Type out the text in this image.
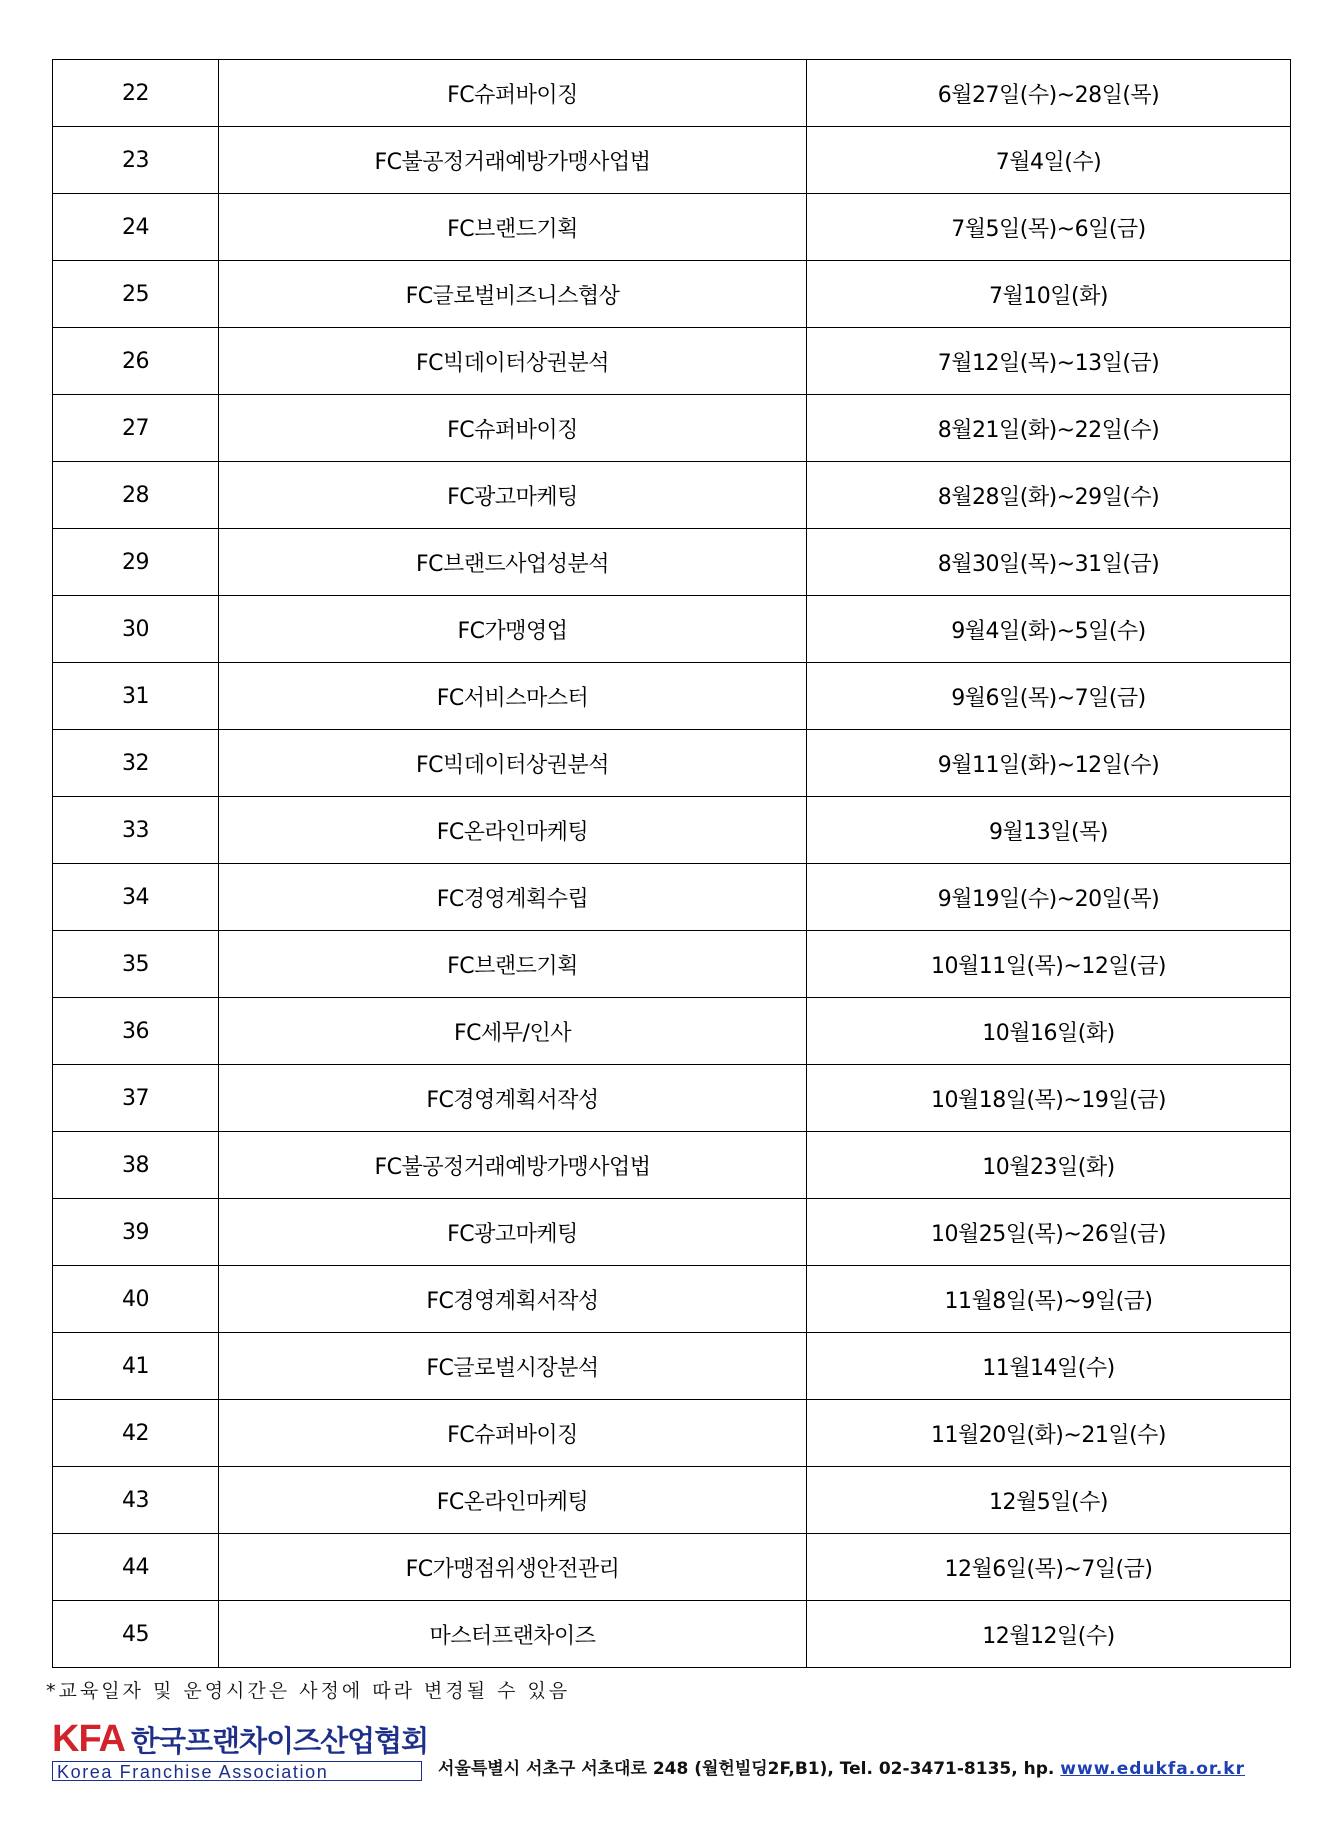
22	FC슈퍼바이징	6월27일(수)~28일(목)
23	FC불공정거래예방가맹사업법	7월4일(수)
24	FC브랜드기획	7월5일(목)~6일(금)
25	FC글로벌비즈니스협상	7월10일(화)
26	FC빅데이터상권분석	7월12일(목)~13일(금)
27	FC슈퍼바이징	8월21일(화)~22일(수)
28	FC광고마케팅	8월28일(화)~29일(수)
29	FC브랜드사업성분석	8월30일(목)~31일(금)
30	FC가맹영업	9월4일(화)~5일(수)
31	FC서비스마스터	9월6일(목)~7일(금)
32	FC빅데이터상권분석	9월11일(화)~12일(수)
33	FC온라인마케팅	9월13일(목)
34	FC경영계획수립	9월19일(수)~20일(목)
35	FC브랜드기획	10월11일(목)~12일(금)
36	FC세무/인사	10월16일(화)
37	FC경영계획서작성	10월18일(목)~19일(금)
38	FC불공정거래예방가맹사업법	10월23일(화)
39	FC광고마케팅	10월25일(목)~26일(금)
40	FC경영계획서작성	11월8일(목)~9일(금)
41	FC글로벌시장분석	11월14일(수)
42	FC슈퍼바이징	11월20일(화)~21일(수)
43	FC온라인마케팅	12월5일(수)
44	FC가맹점위생안전관리	12월6일(목)~7일(금)
45	마스터프랜차이즈	12월12일(수)
*교육일자 및 운영시간은 사정에 따라 변경될 수 있음
KFA 한국프랜차이즈산업협회
Korea Franchise Association	서울특별시 서초구 서초대로 248 (월헌빌딩2F,B1), Tel. 02-3471-8135, hp. www.edukfa.or.kr
